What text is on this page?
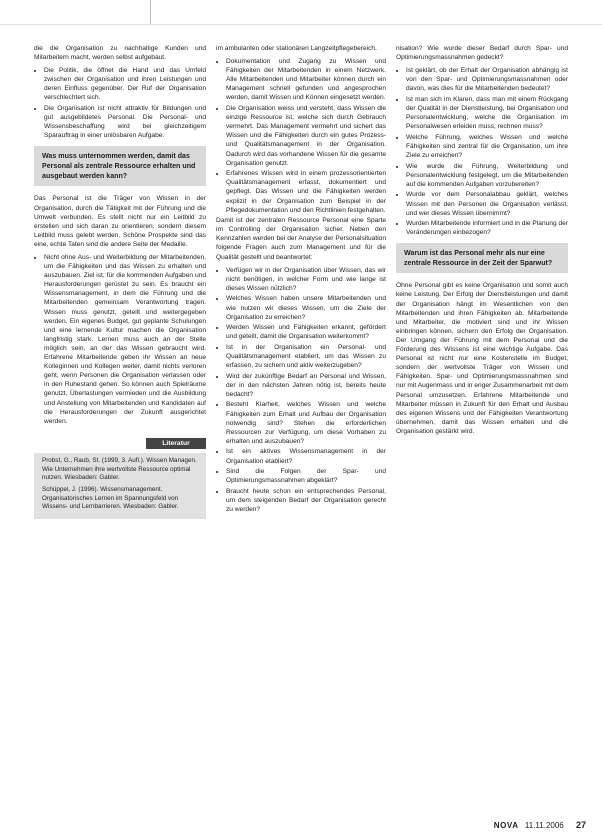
die die Organisation zu nachhaltige Kunden und Mitarbeitern macht, werden selbst aufgebaut.

• Die Politik, die öffnet die Hand und das Umfeld zwischen der Organisation und ihren Leistungen und deren Einfluss gegenüber. Der Ruf der Organisation verschlechtert sich.
• Die Organisation ist nicht attraktiv für Bildungen und gut ausgebildetes Personal. Die Personal- und Wissensbeschaffung wird bei gleichzeitigem Sparauftrag in einer unlösbaren Aufgabe.
Was muss unternommen werden, damit das Personal als zentrale Ressource erhalten und ausgebaut werden kann?

Das Personal ist die Träger von Wissen in der Organisation, durch die Tätigkeit mit der Führung und die Umwelt verbunden. Es stellt nicht nur ein Leitbild zu erstellen und sich daran zu orientieren, sondern diesem Leitbild muss gelebt werden. Schöne Prospekte sind das eine, echte Taten sind die andere Seite der Medaille.

• Nicht ohne Aus- und Weiterbildung der Mitarbeitenden, um die Fähigkeiten und das Wissen zu erhalten und auszubauen. Ziel ist, für die kommenden Aufgaben und Herausforderungen gerüstet zu sein. Es braucht ein Wissensmanagement, in dem die Führung und die Mitarbeitenden gemeinsam Verantwortung tragen. Wissen muss genutzt, geteilt und weitergegeben werden. Ein eigenes Budget, gut geplante Schulungen und eine lernende Kultur machen die Organisation langfristig stark. Lernen muss auch an der Stelle möglich sein, an der das Wissen gebraucht wird. Erfahrene Mitarbeitende geben ihr Wissen an neue Kolleginnen und Kollegen weiter, damit nichts verloren geht, wenn Personen die Organisation verlassen oder in den Ruhestand gehen. So können auch Spielräume genutzt, Überlastungen vermieden und die Ausbildung und Anstellung von Mitarbeitenden und Kandidaten auf die Herausforderungen der Zukunft ausgerichtet werden.
Literatur

Probst, G., Raub, St. (1999, 3. Aufl.). Wissen Managen. Wie Unternehmen ihre wertvollste Ressource optimal nutzen. Wiesbaden: Gabler.

Schüppel, J. (1996). Wissensmanagement. Organisatorisches Lernen im Spannungsfeld von Wissens- und Lernbarrieren. Wiesbaden: Gabler.

im ambulanten oder stationären Langzeitpflegebereich.

• Dokumentation und Zugang zu Wissen und Fähigkeiten der Mitarbeitenden in einem Netzwerk. Alle Mitarbeitenden und Mitarbeiter können durch ein Management schnell gefunden und angesprochen werden, damit Wissen und Können eingesetzt werden.
• Die Organisation weiss und versteht, dass Wissen die einzige Ressource ist, welche sich durch Gebrauch vermehrt. Das Management vermehrt und sichert das Wissen und die Fähigkeiten durch ein gutes Prozess- und Qualitätsmanagement in der Organisation. Dadurch wird das vorhandene Wissen für die gesamte Organisation genutzt.
• Erfahrenes Wissen wird in einem prozessorientierten Qualitätsmanagement erfasst, dokumentiert und gepflegt. Das Wissen und die Fähigkeiten werden explizit in der Organisation zum Beispiel in der Pflegedokumentation und den Richtlinien festgehalten.

Damit ist der zentralen Ressource Personal eine Sparte im Controlling der Organisation sicher. Neben den Kennzahlen werden bei der Analyse der Personalsituation folgende Fragen auch zum Management und für die Qualität gestellt und beantwortet:

• Verfügen wir in der Organisation über Wissen, das wir nicht benötigen, in welcher Form und wie lange ist dieses Wissen nützlich?
• Welches Wissen haben unsere Mitarbeitenden und wie nutzen wir dieses Wissen, um die Ziele der Organisation zu erreichen?
• Werden Wissen und Fähigkeiten erkannt, gefördert und geteilt, damit die Organisation weiterkommt?
• Ist in der Organisation ein Personal- und Qualitätsmanagement etabliert, um das Wissen zu erfassen, zu sichern und aktiv weiterzugeben?
• Wird der zukünftige Bedarf an Personal und Wissen, der in den nächsten Jahren nötig ist, bereits heute bedacht?
• Besteht Klarheit, welches Wissen und welche Fähigkeiten zum Erhalt und Aufbau der Organisation notwendig sind? Stehen die erforderlichen Ressourcen zur Verfügung, um diese Vorhaben zu erhalten und auszubauen?
• Ist ein aktives Wissensmanagement in der Organisation etabliert?
• Sind die Folgen der Spar- und Optimierungsmassnahmen abgeklärt?
• Braucht heute schon ein entsprechendes Personal, um dem steigenden Bedarf der Organisation gerecht zu werden?

nisation? Wie wurde dieser Bedarf durch Spar- und Optimierungsmassnahmen gedeckt?

• Ist geklärt, ob der Erhalt der Organisation abhängig ist von den Spar- und Optimierungsmassnahmen oder davon, was dies für die Mitarbeitenden bedeutet?
• Ist man sich im Klaren, dass man mit einem Rückgang der Qualität in der Dienstleistung, bei Organisation und Personalentwicklung, welche die Organisation im Personalwesen erleiden muss, rechnen muss?
• Welche Führung, welches Wissen und welche Fähigkeiten sind zentral für die Organisation, um ihre Ziele zu erreichen?
• Wie wurde die Führung, Weiterbildung und Personalentwicklung festgelegt, um die Mitarbeitenden auf die kommenden Aufgaben vorzubereiten?
• Wurde vor dem Personalabbau geklärt, welches Wissen mit den Personen die Organisation verlässt, und wer dieses Wissen übernimmt?
• Wurden Mitarbeitende informiert und in die Planung der Veränderungen einbezogen?
Warum ist das Personal mehr als nur eine zentrale Ressource in der Zeit der Sparwut?

Ohne Personal gibt es keine Organisation und somit auch keine Leistung. Der Erfolg der Dienstleistungen und damit der Organisation hängt im Wesentlichen von den Mitarbeitenden und ihren Fähigkeiten ab. Mitarbeitende und Mitarbeiter, die motiviert sind und ihr Wissen einbringen können, sichern den Erfolg der Organisation. Der Umgang der Führung mit dem Personal und die Förderung des Wissens ist eine wichtige Aufgabe. Das Personal ist nicht nur eine Kostenstelle im Budget, sondern der wertvollste Träger von Wissen und Fähigkeiten. Spar- und Optimierungsmassnahmen sind nur mit Augenmass und in enger Zusammenarbeit mit dem Personal umzusetzen. Erfahrene Mitarbeitende und Mitarbeiter müssen in Zukunft für den Erhalt und Ausbau des eigenen Wissens und der Fähigkeiten Verantwortung übernehmen, damit das Wissen erhalten und die Organisation gestärkt wird.

NOVA 11.11.2006 27
